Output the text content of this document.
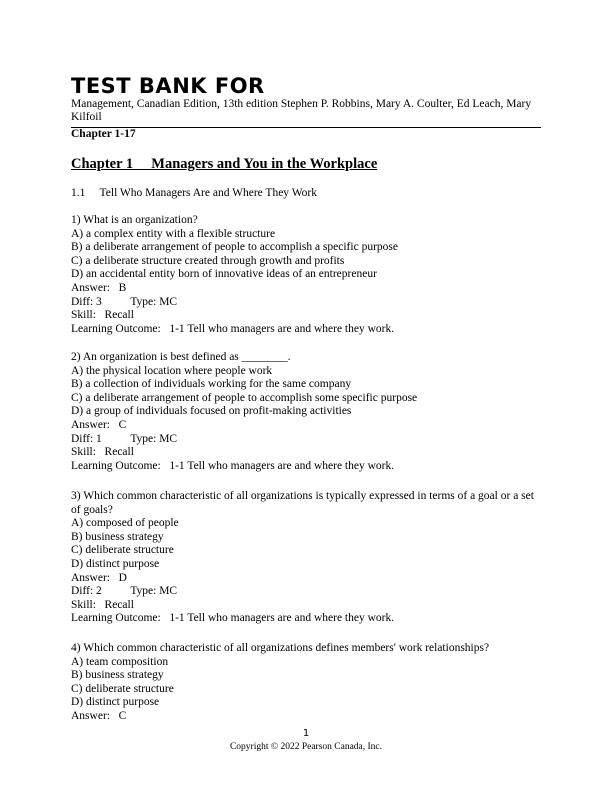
TEST BANK FOR
Management, Canadian Edition, 13th edition Stephen P. Robbins, Mary A. Coulter, Ed Leach, Mary Kilfoil
Chapter 1-17
Chapter 1     Managers and You in the Workplace
1.1     Tell Who Managers Are and Where They Work
1) What is an organization?
A) a complex entity with a flexible structure
B) a deliberate arrangement of people to accomplish a specific purpose
C) a deliberate structure created through growth and profits
D) an accidental entity born of innovative ideas of an entrepreneur
Answer:   B
Diff: 3          Type: MC
Skill:   Recall
Learning Outcome:   1-1 Tell who managers are and where they work.
2) An organization is best defined as ________.
A) the physical location where people work
B) a collection of individuals working for the same company
C) a deliberate arrangement of people to accomplish some specific purpose
D) a group of individuals focused on profit-making activities
Answer:   C
Diff: 1          Type: MC
Skill:   Recall
Learning Outcome:   1-1 Tell who managers are and where they work.
3) Which common characteristic of all organizations is typically expressed in terms of a goal or a set of goals?
A) composed of people
B) business strategy
C) deliberate structure
D) distinct purpose
Answer:   D
Diff: 2          Type: MC
Skill:   Recall
Learning Outcome:   1-1 Tell who managers are and where they work.
4) Which common characteristic of all organizations defines members' work relationships?
A) team composition
B) business strategy
C) deliberate structure
D) distinct purpose
Answer:   C
1
Copyright © 2022 Pearson Canada, Inc.
